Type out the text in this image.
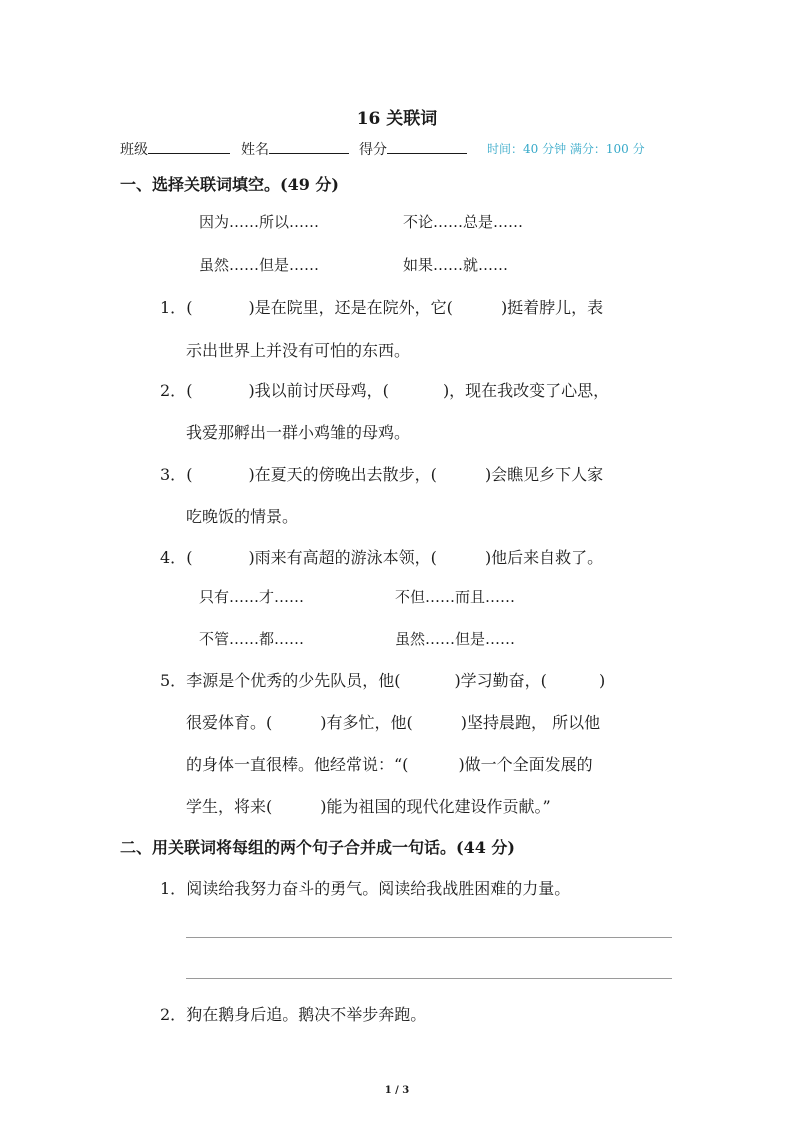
16 关联词
班级	姓名	得分	时间：40 分钟 满分：100 分
一、选择关联词填空。(49 分)
因为……所以……	不论……总是……
虽然……但是……	如果……就……
1．(	)是在院里，还是在院外，它(	)挺着脖儿，表
示出世界上并没有可怕的东西。
2．(	)我以前讨厌母鸡，(	)，现在我改变了心思，
我爱那孵出一群小鸡雏的母鸡。
3．(	)在夏天的傍晚出去散步，(	)会瞧见乡下人家
吃晚饭的情景。
4．(	)雨来有高超的游泳本领，(	)他后来自救了。
只有……才……	不但……而且……
不管……都……	虽然……但是……
5．李源是个优秀的少先队员，他(	)学习勤奋，(	)
很爱体育。(	)有多忙，他(	)坚持晨跑， 所以他
的身体一直很棒。他经常说：“(	)做一个全面发展的
学生，将来(	)能为祖国的现代化建设作贡献。”
二、用关联词将每组的两个句子合并成一句话。(44 分)
1．阅读给我努力奋斗的勇气。阅读给我战胜困难的力量。
2．狗在鹅身后追。鹅决不举步奔跑。
1 / 3
